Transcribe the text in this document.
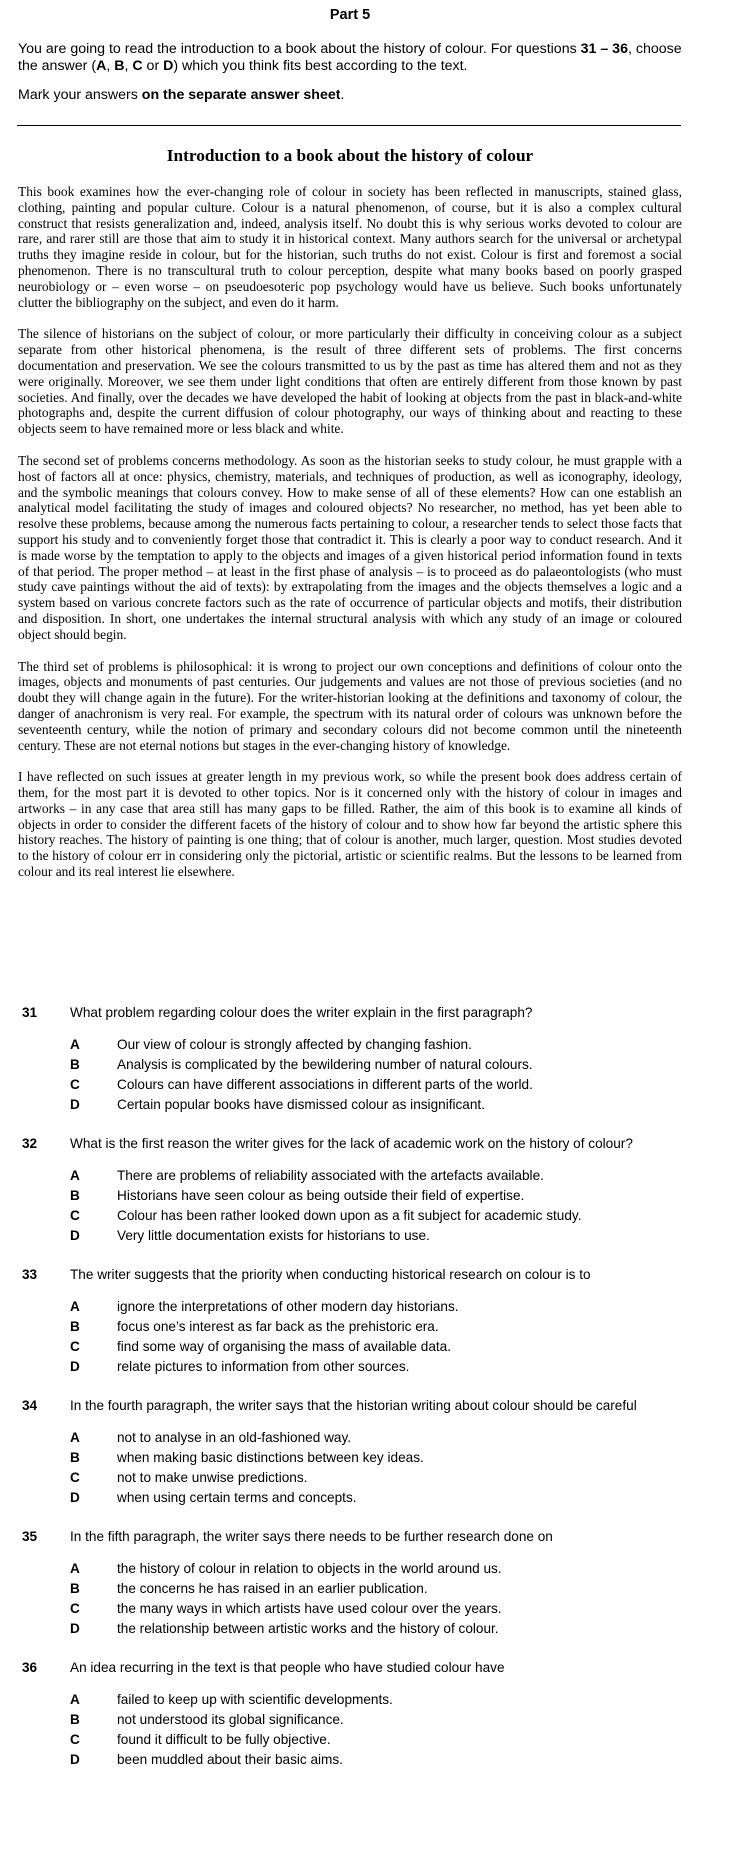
Part 5

You are going to read the introduction to a book about the history of colour. For questions 31 – 36, choose the answer (A, B, C or D) which you think fits best according to the text.

Mark your answers on the separate answer sheet.

Introduction to a book about the history of colour

This book examines how the ever-changing role of colour in society has been reflected in manuscripts, stained glass, clothing, painting and popular culture. Colour is a natural phenomenon, of course, but it is also a complex cultural construct that resists generalization and, indeed, analysis itself. No doubt this is why serious works devoted to colour are rare, and rarer still are those that aim to study it in historical context. Many authors search for the universal or archetypal truths they imagine reside in colour, but for the historian, such truths do not exist. Colour is first and foremost a social phenomenon. There is no transcultural truth to colour perception, despite what many books based on poorly grasped neurobiology or – even worse – on pseudoesoteric pop psychology would have us believe. Such books unfortunately clutter the bibliography on the subject, and even do it harm.

The silence of historians on the subject of colour, or more particularly their difficulty in conceiving colour as a subject separate from other historical phenomena, is the result of three different sets of problems. The first concerns documentation and preservation. We see the colours transmitted to us by the past as time has altered them and not as they were originally. Moreover, we see them under light conditions that often are entirely different from those known by past societies. And finally, over the decades we have developed the habit of looking at objects from the past in black-and-white photographs and, despite the current diffusion of colour photography, our ways of thinking about and reacting to these objects seem to have remained more or less black and white.

The second set of problems concerns methodology. As soon as the historian seeks to study colour, he must grapple with a host of factors all at once: physics, chemistry, materials, and techniques of production, as well as iconography, ideology, and the symbolic meanings that colours convey. How to make sense of all of these elements? How can one establish an analytical model facilitating the study of images and coloured objects? No researcher, no method, has yet been able to resolve these problems, because among the numerous facts pertaining to colour, a researcher tends to select those facts that support his study and to conveniently forget those that contradict it. This is clearly a poor way to conduct research. And it is made worse by the temptation to apply to the objects and images of a given historical period information found in texts of that period. The proper method – at least in the first phase of analysis – is to proceed as do palaeontologists (who must study cave paintings without the aid of texts): by extrapolating from the images and the objects themselves a logic and a system based on various concrete factors such as the rate of occurrence of particular objects and motifs, their distribution and disposition. In short, one undertakes the internal structural analysis with which any study of an image or coloured object should begin.

The third set of problems is philosophical: it is wrong to project our own conceptions and definitions of colour onto the images, objects and monuments of past centuries. Our judgements and values are not those of previous societies (and no doubt they will change again in the future). For the writer-historian looking at the definitions and taxonomy of colour, the danger of anachronism is very real. For example, the spectrum with its natural order of colours was unknown before the seventeenth century, while the notion of primary and secondary colours did not become common until the nineteenth century. These are not eternal notions but stages in the ever-changing history of knowledge.

I have reflected on such issues at greater length in my previous work, so while the present book does address certain of them, for the most part it is devoted to other topics. Nor is it concerned only with the history of colour in images and artworks – in any case that area still has many gaps to be filled. Rather, the aim of this book is to examine all kinds of objects in order to consider the different facets of the history of colour and to show how far beyond the artistic sphere this history reaches. The history of painting is one thing; that of colour is another, much larger, question. Most studies devoted to the history of colour err in considering only the pictorial, artistic or scientific realms. But the lessons to be learned from colour and its real interest lie elsewhere.

31	What problem regarding colour does the writer explain in the first paragraph?
A	Our view of colour is strongly affected by changing fashion.
B	Analysis is complicated by the bewildering number of natural colours.
C	Colours can have different associations in different parts of the world.
D	Certain popular books have dismissed colour as insignificant.
32	What is the first reason the writer gives for the lack of academic work on the history of colour?
A	There are problems of reliability associated with the artefacts available.
B	Historians have seen colour as being outside their field of expertise.
C	Colour has been rather looked down upon as a fit subject for academic study.
D	Very little documentation exists for historians to use.
33	The writer suggests that the priority when conducting historical research on colour is to
A	ignore the interpretations of other modern day historians.
B	focus one’s interest as far back as the prehistoric era.
C	find some way of organising the mass of available data.
D	relate pictures to information from other sources.
34	In the fourth paragraph, the writer says that the historian writing about colour should be careful
A	not to analyse in an old-fashioned way.
B	when making basic distinctions between key ideas.
C	not to make unwise predictions.
D	when using certain terms and concepts.
35	In the fifth paragraph, the writer says there needs to be further research done on
A	the history of colour in relation to objects in the world around us.
B	the concerns he has raised in an earlier publication.
C	the many ways in which artists have used colour over the years.
D	the relationship between artistic works and the history of colour.
36	An idea recurring in the text is that people who have studied colour have
A	failed to keep up with scientific developments.
B	not understood its global significance.
C	found it difficult to be fully objective.
D	been muddled about their basic aims.
